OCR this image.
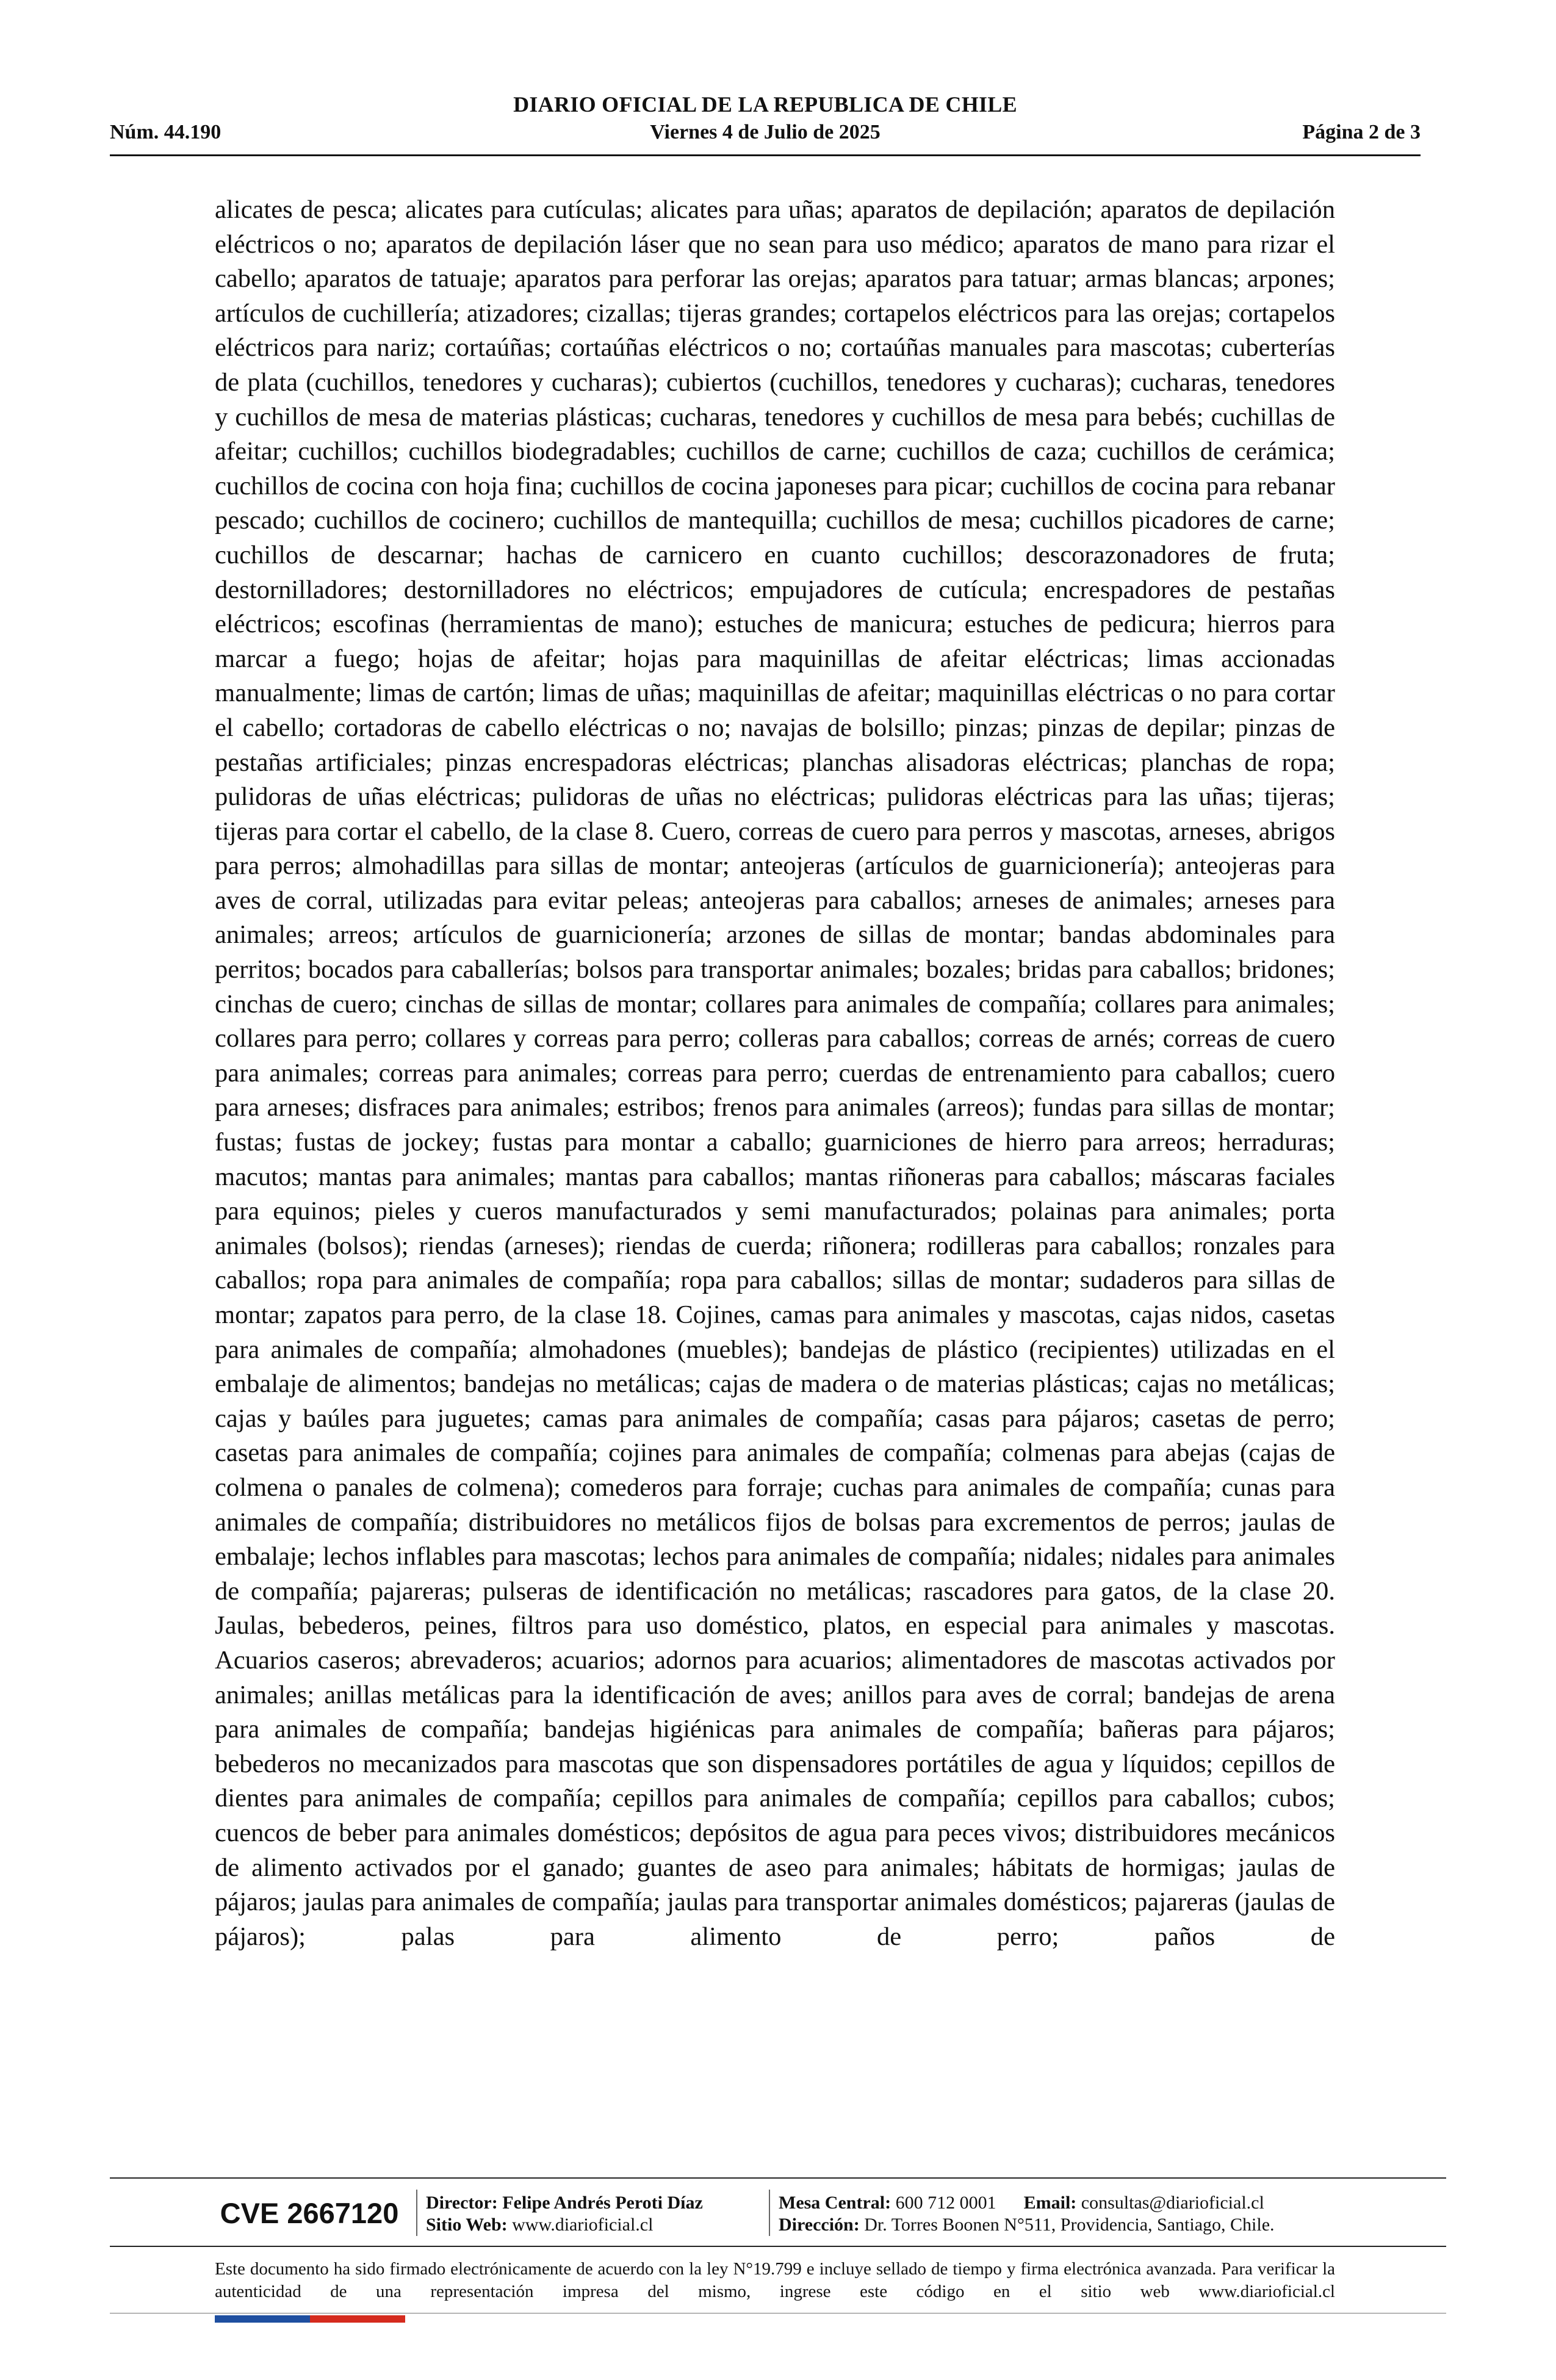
DIARIO OFICIAL DE LA REPUBLICA DE CHILE
Núm. 44.190	Viernes 4 de Julio de 2025	Página 2 de 3

alicates de pesca; alicates para cutículas; alicates para uñas; aparatos de depilación; aparatos de depilación eléctricos o no; aparatos de depilación láser que no sean para uso médico; aparatos de mano para rizar el cabello; aparatos de tatuaje; aparatos para perforar las orejas; aparatos para tatuar; armas blancas; arpones; artículos de cuchillería; atizadores; cizallas; tijeras grandes; cortapelos eléctricos para las orejas; cortapelos eléctricos para nariz; cortaúñas; cortaúñas eléctricos o no; cortaúñas manuales para mascotas; cuberterías de plata (cuchillos, tenedores y cucharas); cubiertos (cuchillos, tenedores y cucharas); cucharas, tenedores y cuchillos de mesa de materias plásticas; cucharas, tenedores y cuchillos de mesa para bebés; cuchillas de afeitar; cuchillos; cuchillos biodegradables; cuchillos de carne; cuchillos de caza; cuchillos de cerámica; cuchillos de cocina con hoja fina; cuchillos de cocina japoneses para picar; cuchillos de cocina para rebanar pescado; cuchillos de cocinero; cuchillos de mantequilla; cuchillos de mesa; cuchillos picadores de carne; cuchillos de descarnar; hachas de carnicero en cuanto cuchillos; descorazonadores de fruta; destornilladores; destornilladores no eléctricos; empujadores de cutícula; encrespadores de pestañas eléctricos; escofinas (herramientas de mano); estuches de manicura; estuches de pedicura; hierros para marcar a fuego; hojas de afeitar; hojas para maquinillas de afeitar eléctricas; limas accionadas manualmente; limas de cartón; limas de uñas; maquinillas de afeitar; maquinillas eléctricas o no para cortar el cabello; cortadoras de cabello eléctricas o no; navajas de bolsillo; pinzas; pinzas de depilar; pinzas de pestañas artificiales; pinzas encrespadoras eléctricas; planchas alisadoras eléctricas; planchas de ropa; pulidoras de uñas eléctricas; pulidoras de uñas no eléctricas; pulidoras eléctricas para las uñas; tijeras; tijeras para cortar el cabello, de la clase 8. Cuero, correas de cuero para perros y mascotas, arneses, abrigos para perros; almohadillas para sillas de montar; anteojeras (artículos de guarnicionería); anteojeras para aves de corral, utilizadas para evitar peleas; anteojeras para caballos; arneses de animales; arneses para animales; arreos; artículos de guarnicionería; arzones de sillas de montar; bandas abdominales para perritos; bocados para caballerías; bolsos para transportar animales; bozales; bridas para caballos; bridones; cinchas de cuero; cinchas de sillas de montar; collares para animales de compañía; collares para animales; collares para perro; collares y correas para perro; colleras para caballos; correas de arnés; correas de cuero para animales; correas para animales; correas para perro; cuerdas de entrenamiento para caballos; cuero para arneses; disfraces para animales; estribos; frenos para animales (arreos); fundas para sillas de montar; fustas; fustas de jockey; fustas para montar a caballo; guarniciones de hierro para arreos; herraduras; macutos; mantas para animales; mantas para caballos; mantas riñoneras para caballos; máscaras faciales para equinos; pieles y cueros manufacturados y semi manufacturados; polainas para animales; porta animales (bolsos); riendas (arneses); riendas de cuerda; riñonera; rodilleras para caballos; ronzales para caballos; ropa para animales de compañía; ropa para caballos; sillas de montar; sudaderos para sillas de montar; zapatos para perro, de la clase 18. Cojines, camas para animales y mascotas, cajas nidos, casetas para animales de compañía; almohadones (muebles); bandejas de plástico (recipientes) utilizadas en el embalaje de alimentos; bandejas no metálicas; cajas de madera o de materias plásticas; cajas no metálicas; cajas y baúles para juguetes; camas para animales de compañía; casas para pájaros; casetas de perro; casetas para animales de compañía; cojines para animales de compañía; colmenas para abejas (cajas de colmena o panales de colmena); comederos para forraje; cuchas para animales de compañía; cunas para animales de compañía; distribuidores no metálicos fijos de bolsas para excrementos de perros; jaulas de embalaje; lechos inflables para mascotas; lechos para animales de compañía; nidales; nidales para animales de compañía; pajareras; pulseras de identificación no metálicas; rascadores para gatos, de la clase 20. Jaulas, bebederos, peines, filtros para uso doméstico, platos, en especial para animales y mascotas. Acuarios caseros; abrevaderos; acuarios; adornos para acuarios; alimentadores de mascotas activados por animales; anillas metálicas para la identificación de aves; anillos para aves de corral; bandejas de arena para animales de compañía; bandejas higiénicas para animales de compañía; bañeras para pájaros; bebederos no mecanizados para mascotas que son dispensadores portátiles de agua y líquidos; cepillos de dientes para animales de compañía; cepillos para animales de compañía; cepillos para caballos; cubos; cuencos de beber para animales domésticos; depósitos de agua para peces vivos; distribuidores mecánicos de alimento activados por el ganado; guantes de aseo para animales; hábitats de hormigas; jaulas de pájaros; jaulas para animales de compañía; jaulas para transportar animales domésticos; pajareras (jaulas de pájaros); palas para alimento de perro; paños de

CVE 2667120	Director: Felipe Andrés Peroti Díaz
Sitio Web: www.diarioficial.cl
Mesa Central: 600 712 0001 Email: consultas@diarioficial.cl
Dirección: Dr. Torres Boonen N°511, Providencia, Santiago, Chile.
Este documento ha sido firmado electrónicamente de acuerdo con la ley N°19.799 e incluye sellado de tiempo y firma electrónica avanzada. Para verificar la autenticidad de una representación impresa del mismo, ingrese este código en el sitio web www.diarioficial.cl
